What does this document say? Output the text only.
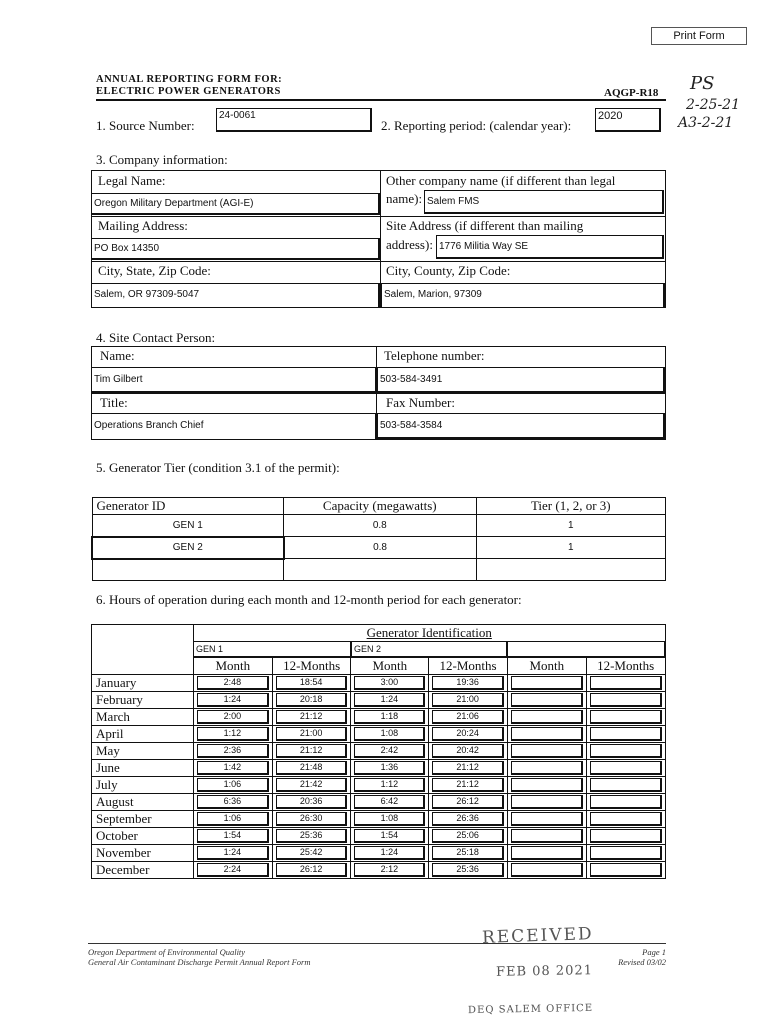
Print Form
PS
2-25-21
A3-2-21
ANNUAL REPORTING FORM FOR:
ELECTRIC POWER GENERATORS	AQGP-R18
1. Source Number:
24-0061
2. Reporting period: (calendar year):
2020
3. Company information:
Legal Name:
Oregon Military Department (AGI-E)
Other company name (if different than legal
name): Salem FMS
Mailing Address:
PO Box 14350
Site Address (if different than mailing
address): 1776 Militia Way SE
City, State, Zip Code:
Salem, OR 97309-5047
City, County, Zip Code:
Salem, Marion, 97309
4. Site Contact Person:
Name:
Tim Gilbert
Telephone number:
503-584-3491
Title:
Operations Branch Chief
Fax Number:
503-584-3584
5. Generator Tier (condition 3.1 of the permit):
Generator ID	Capacity (megawatts)	Tier (1, 2, or 3)
GEN 1	0.8	1
GEN 2	0.8	1

6. Hours of operation during each month and 12-month period for each generator:
	Generator Identification					
	GEN 1		GEN 2			
	Month	12-Months	Month	12-Months	Month	12-Months
January	2:48	18:54	3:00	19:36		

February	1:24	20:18	1:24	21:00		

March	2:00	21:12	1:18	21:06		

April	1:12	21:00	1:08	20:24		

May	2:36	21:12	2:42	20:42		

June	1:42	21:48	1:36	21:12		

July	1:06	21:42	1:12	21:12		

August	6:36	20:36	6:42	26:12		

September	1:06	26:30	1:08	26:36		

October	1:54	25:36	1:54	25:06		

November	1:24	25:42	1:24	25:18		

December	2:24	26:12	2:12	25:36		

Oregon Department of Environmental Quality
General Air Contaminant Discharge Permit Annual Report Form
Page 1
Revised 03/02
RECEIVED
FEB 08 2021
DEQ SALEM OFFICE
